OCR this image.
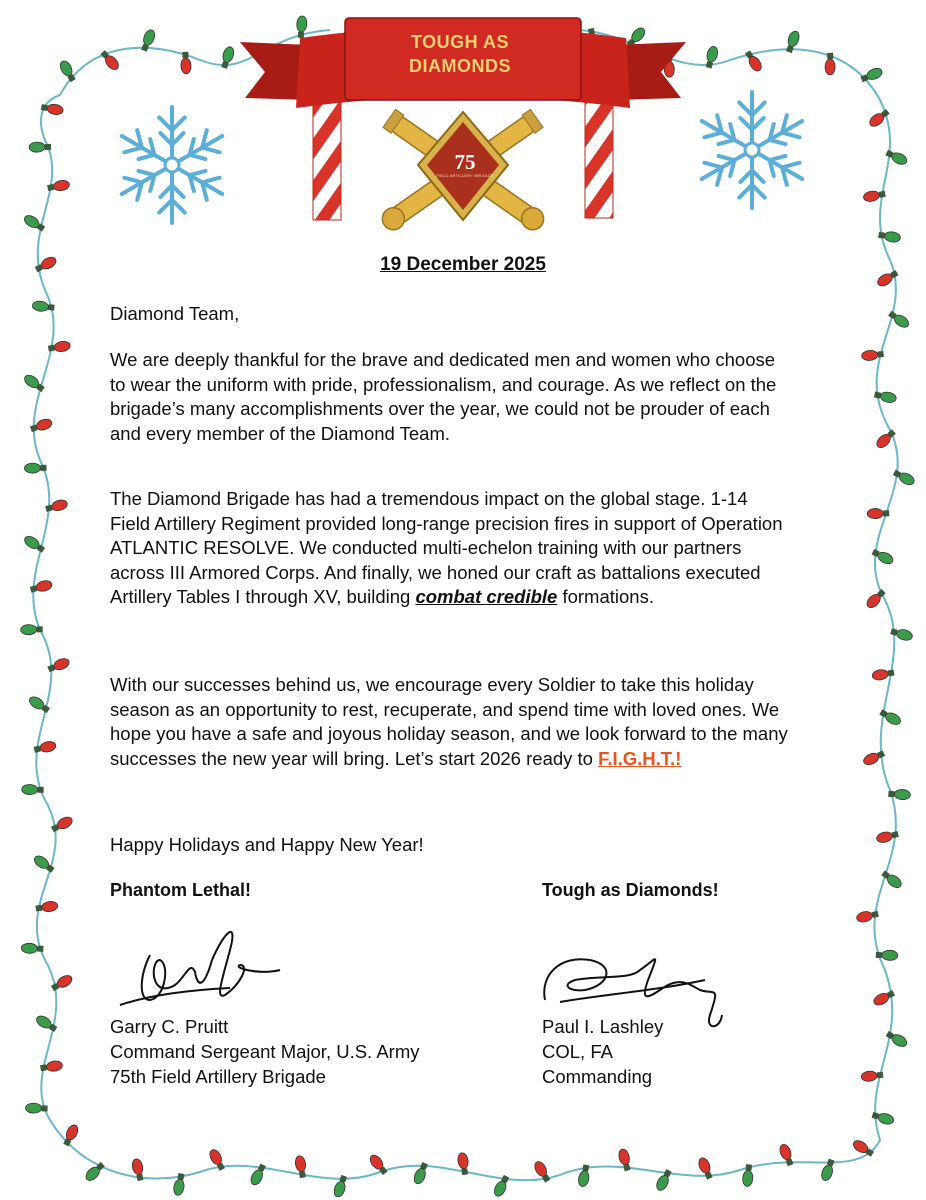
TOUGH AS
DIAMONDS
75
FIELD ARTILLERY BRIGADE
19 December 2025
Diamond Team,
We are deeply thankful for the brave and dedicated men and women who choose to wear the uniform with pride, professionalism, and courage. As we reflect on the brigade’s many accomplishments over the year, we could not be prouder of each and every member of the Diamond Team.
The Diamond Brigade has had a tremendous impact on the global stage. 1-14 Field Artillery Regiment provided long-range precision fires in support of Operation ATLANTIC RESOLVE. We conducted multi-echelon training with our partners across III Armored Corps. And finally, we honed our craft as battalions executed Artillery Tables I through XV, building combat credible formations.
With our successes behind us, we encourage every Soldier to take this holiday season as an opportunity to rest, recuperate, and spend time with loved ones. We hope you have a safe and joyous holiday season, and we look forward to the many successes the new year will bring. Let’s start 2026 ready to F.I.G.H.T.!
Happy Holidays and Happy New Year!
Phantom Lethal!	Tough as Diamonds!
Garry C. Pruitt
Command Sergeant Major, U.S. Army
75th Field Artillery Brigade
Paul I. Lashley
COL, FA
Commanding
